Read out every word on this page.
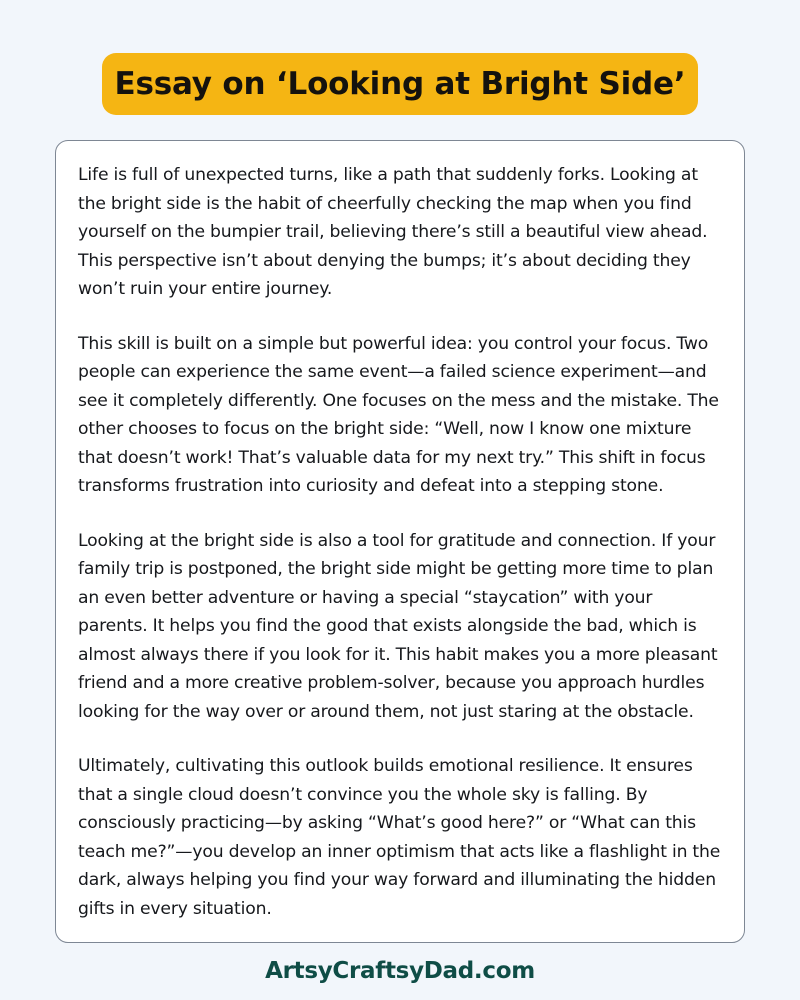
Essay on ‘Looking at Bright Side’

Life is full of unexpected turns, like a path that suddenly forks. Looking at the bright side is the habit of cheerfully checking the map when you find yourself on the bumpier trail, believing there’s still a beautiful view ahead. This perspective isn’t about denying the bumps; it’s about deciding they won’t ruin your entire journey.

This skill is built on a simple but powerful idea: you control your focus. Two people can experience the same event—a failed science experiment—and see it completely differently. One focuses on the mess and the mistake. The other chooses to focus on the bright side: “Well, now I know one mixture that doesn’t work! That’s valuable data for my next try.” This shift in focus transforms frustration into curiosity and defeat into a stepping stone.

Looking at the bright side is also a tool for gratitude and connection. If your family trip is postponed, the bright side might be getting more time to plan an even better adventure or having a special “staycation” with your parents. It helps you find the good that exists alongside the bad, which is almost always there if you look for it. This habit makes you a more pleasant friend and a more creative problem-solver, because you approach hurdles looking for the way over or around them, not just staring at the obstacle.

Ultimately, cultivating this outlook builds emotional resilience. It ensures that a single cloud doesn’t convince you the whole sky is falling. By consciously practicing—by asking “What’s good here?” or “What can this teach me?”—you develop an inner optimism that acts like a flashlight in the dark, always helping you find your way forward and illuminating the hidden gifts in every situation.

ArtsyCraftsyDad.com
